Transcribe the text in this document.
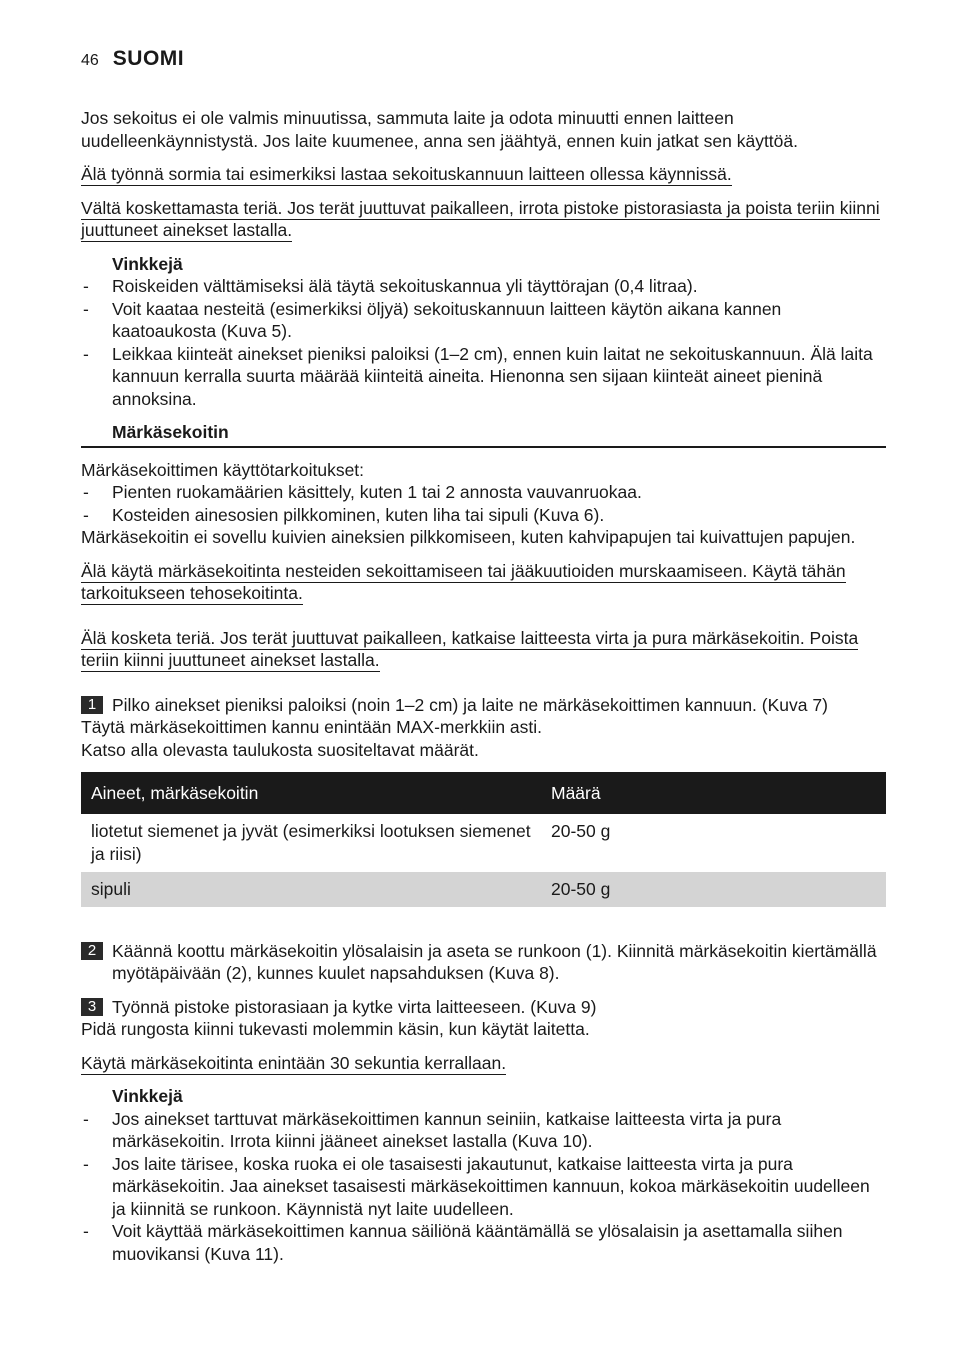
46 SUOMI

Jos sekoitus ei ole valmis minuutissa, sammuta laite ja odota minuutti ennen laitteen uudelleenkäynnistystä. Jos laite kuumenee, anna sen jäähtyä, ennen kuin jatkat sen käyttöä.

Älä työnnä sormia tai esimerkiksi lastaa sekoituskannuun laitteen ollessa käynnissä.

Vältä koskettamasta teriä. Jos terät juuttuvat paikalleen, irrota pistoke pistorasiasta ja poista teriin kiinni juuttuneet ainekset lastalla.

Vinkkejä
- Roiskeiden välttämiseksi älä täytä sekoituskannua yli täyttörajan (0,4 litraa).
- Voit kaataa nesteitä (esimerkiksi öljyä) sekoituskannuun laitteen käytön aikana kannen kaatoaukosta (Kuva 5).
- Leikkaa kiinteät ainekset pieniksi paloiksi (1–2 cm), ennen kuin laitat ne sekoituskannuun. Älä laita kannuun kerralla suurta määrää kiinteitä aineita. Hienonna sen sijaan kiinteät aineet pieninä annoksina.
Märkäsekoitin

Märkäsekoittimen käyttötarkoitukset:

- Pienten ruokamäärien käsittely, kuten 1 tai 2 annosta vauvanruokaa.
- Kosteiden ainesosien pilkkominen, kuten liha tai sipuli (Kuva 6).

Märkäsekoitin ei sovellu kuivien aineksien pilkkomiseen, kuten kahvipapujen tai kuivattujen papujen.

Älä käytä märkäsekoitinta nesteiden sekoittamiseen tai jääkuutioiden murskaamiseen. Käytä tähän tarkoitukseen tehosekoitinta.

Älä kosketa teriä. Jos terät juuttuvat paikalleen, katkaise laitteesta virta ja pura märkäsekoitin. Poista teriin kiinni juuttuneet ainekset lastalla.

1 Pilko ainekset pieniksi paloiksi (noin 1–2 cm) ja laite ne märkäsekoittimen kannuun. (Kuva 7)

Täytä märkäsekoittimen kannu enintään MAX-merkkiin asti.

Katso alla olevasta taulukosta suositeltavat määrät.

Aineet, märkäsekoitin	Määrä
liotetut siemenet ja jyvät (esimerkiksi lootuksen siemenet ja riisi)	20-50 g
sipuli	20-50 g
2 Käännä koottu märkäsekoitin ylösalaisin ja aseta se runkoon (1). Kiinnitä märkäsekoitin kiertämällä myötäpäivään (2), kunnes kuulet napsahduksen (Kuva 8).
3 Työnnä pistoke pistorasiaan ja kytke virta laitteeseen. (Kuva 9)

Pidä rungosta kiinni tukevasti molemmin käsin, kun käytät laitetta.

Käytä märkäsekoitinta enintään 30 sekuntia kerrallaan.

Vinkkejä
- Jos ainekset tarttuvat märkäsekoittimen kannun seiniin, katkaise laitteesta virta ja pura märkäsekoitin. Irrota kiinni jääneet ainekset lastalla (Kuva 10).
- Jos laite tärisee, koska ruoka ei ole tasaisesti jakautunut, katkaise laitteesta virta ja pura märkäsekoitin. Jaa ainekset tasaisesti märkäsekoittimen kannuun, kokoa märkäsekoitin uudelleen ja kiinnitä se runkoon. Käynnistä nyt laite uudelleen.
- Voit käyttää märkäsekoittimen kannua säiliönä kääntämällä se ylösalaisin ja asettamalla siihen muovikansi (Kuva 11).
